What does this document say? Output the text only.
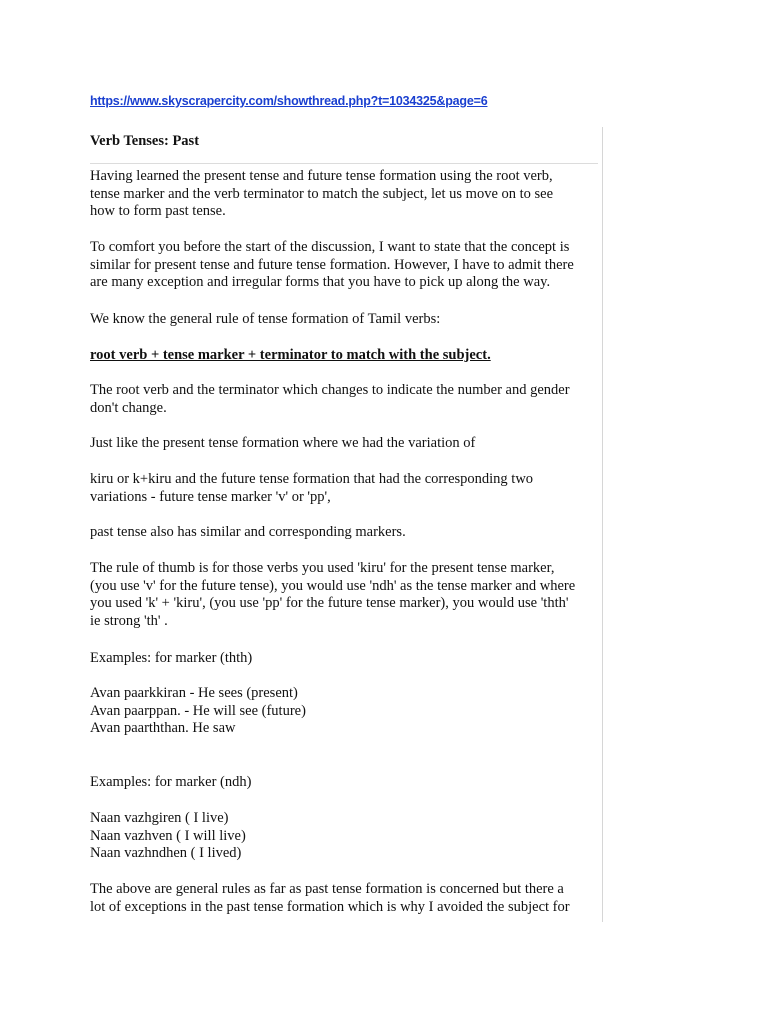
https://www.skyscrapercity.com/showthread.php?t=1034325&page=6
Verb Tenses: Past
Having learned the present tense and future tense formation using the root verb,
tense marker and the verb terminator to match the subject, let us move on to see
how to form past tense.
To comfort you before the start of the discussion, I want to state that the concept is
similar for present tense and future tense formation. However, I have to admit there
are many exception and irregular forms that you have to pick up along the way.
We know the general rule of tense formation of Tamil verbs:
root verb + tense marker + terminator to match with the subject.
The root verb and the terminator which changes to indicate the number and gender
don't change.
Just like the present tense formation where we had the variation of
kiru or k+kiru and the future tense formation that had the corresponding two
variations - future tense marker 'v' or 'pp',
past tense also has similar and corresponding markers.
The rule of thumb is for those verbs you used 'kiru' for the present tense marker,
(you use 'v' for the future tense), you would use 'ndh' as the tense marker and where
you used 'k' + 'kiru', (you use 'pp' for the future tense marker), you would use 'thth'
ie strong 'th' .
Examples: for marker (thth)
Avan paarkkiran - He sees (present)
Avan paarppan. - He will see (future)
Avan paarththan. He saw
Examples: for marker (ndh)
Naan vazhgiren ( I live)
Naan vazhven ( I will live)
Naan vazhndhen ( I lived)
The above are general rules as far as past tense formation is concerned but there a
lot of exceptions in the past tense formation which is why I avoided the subject for
